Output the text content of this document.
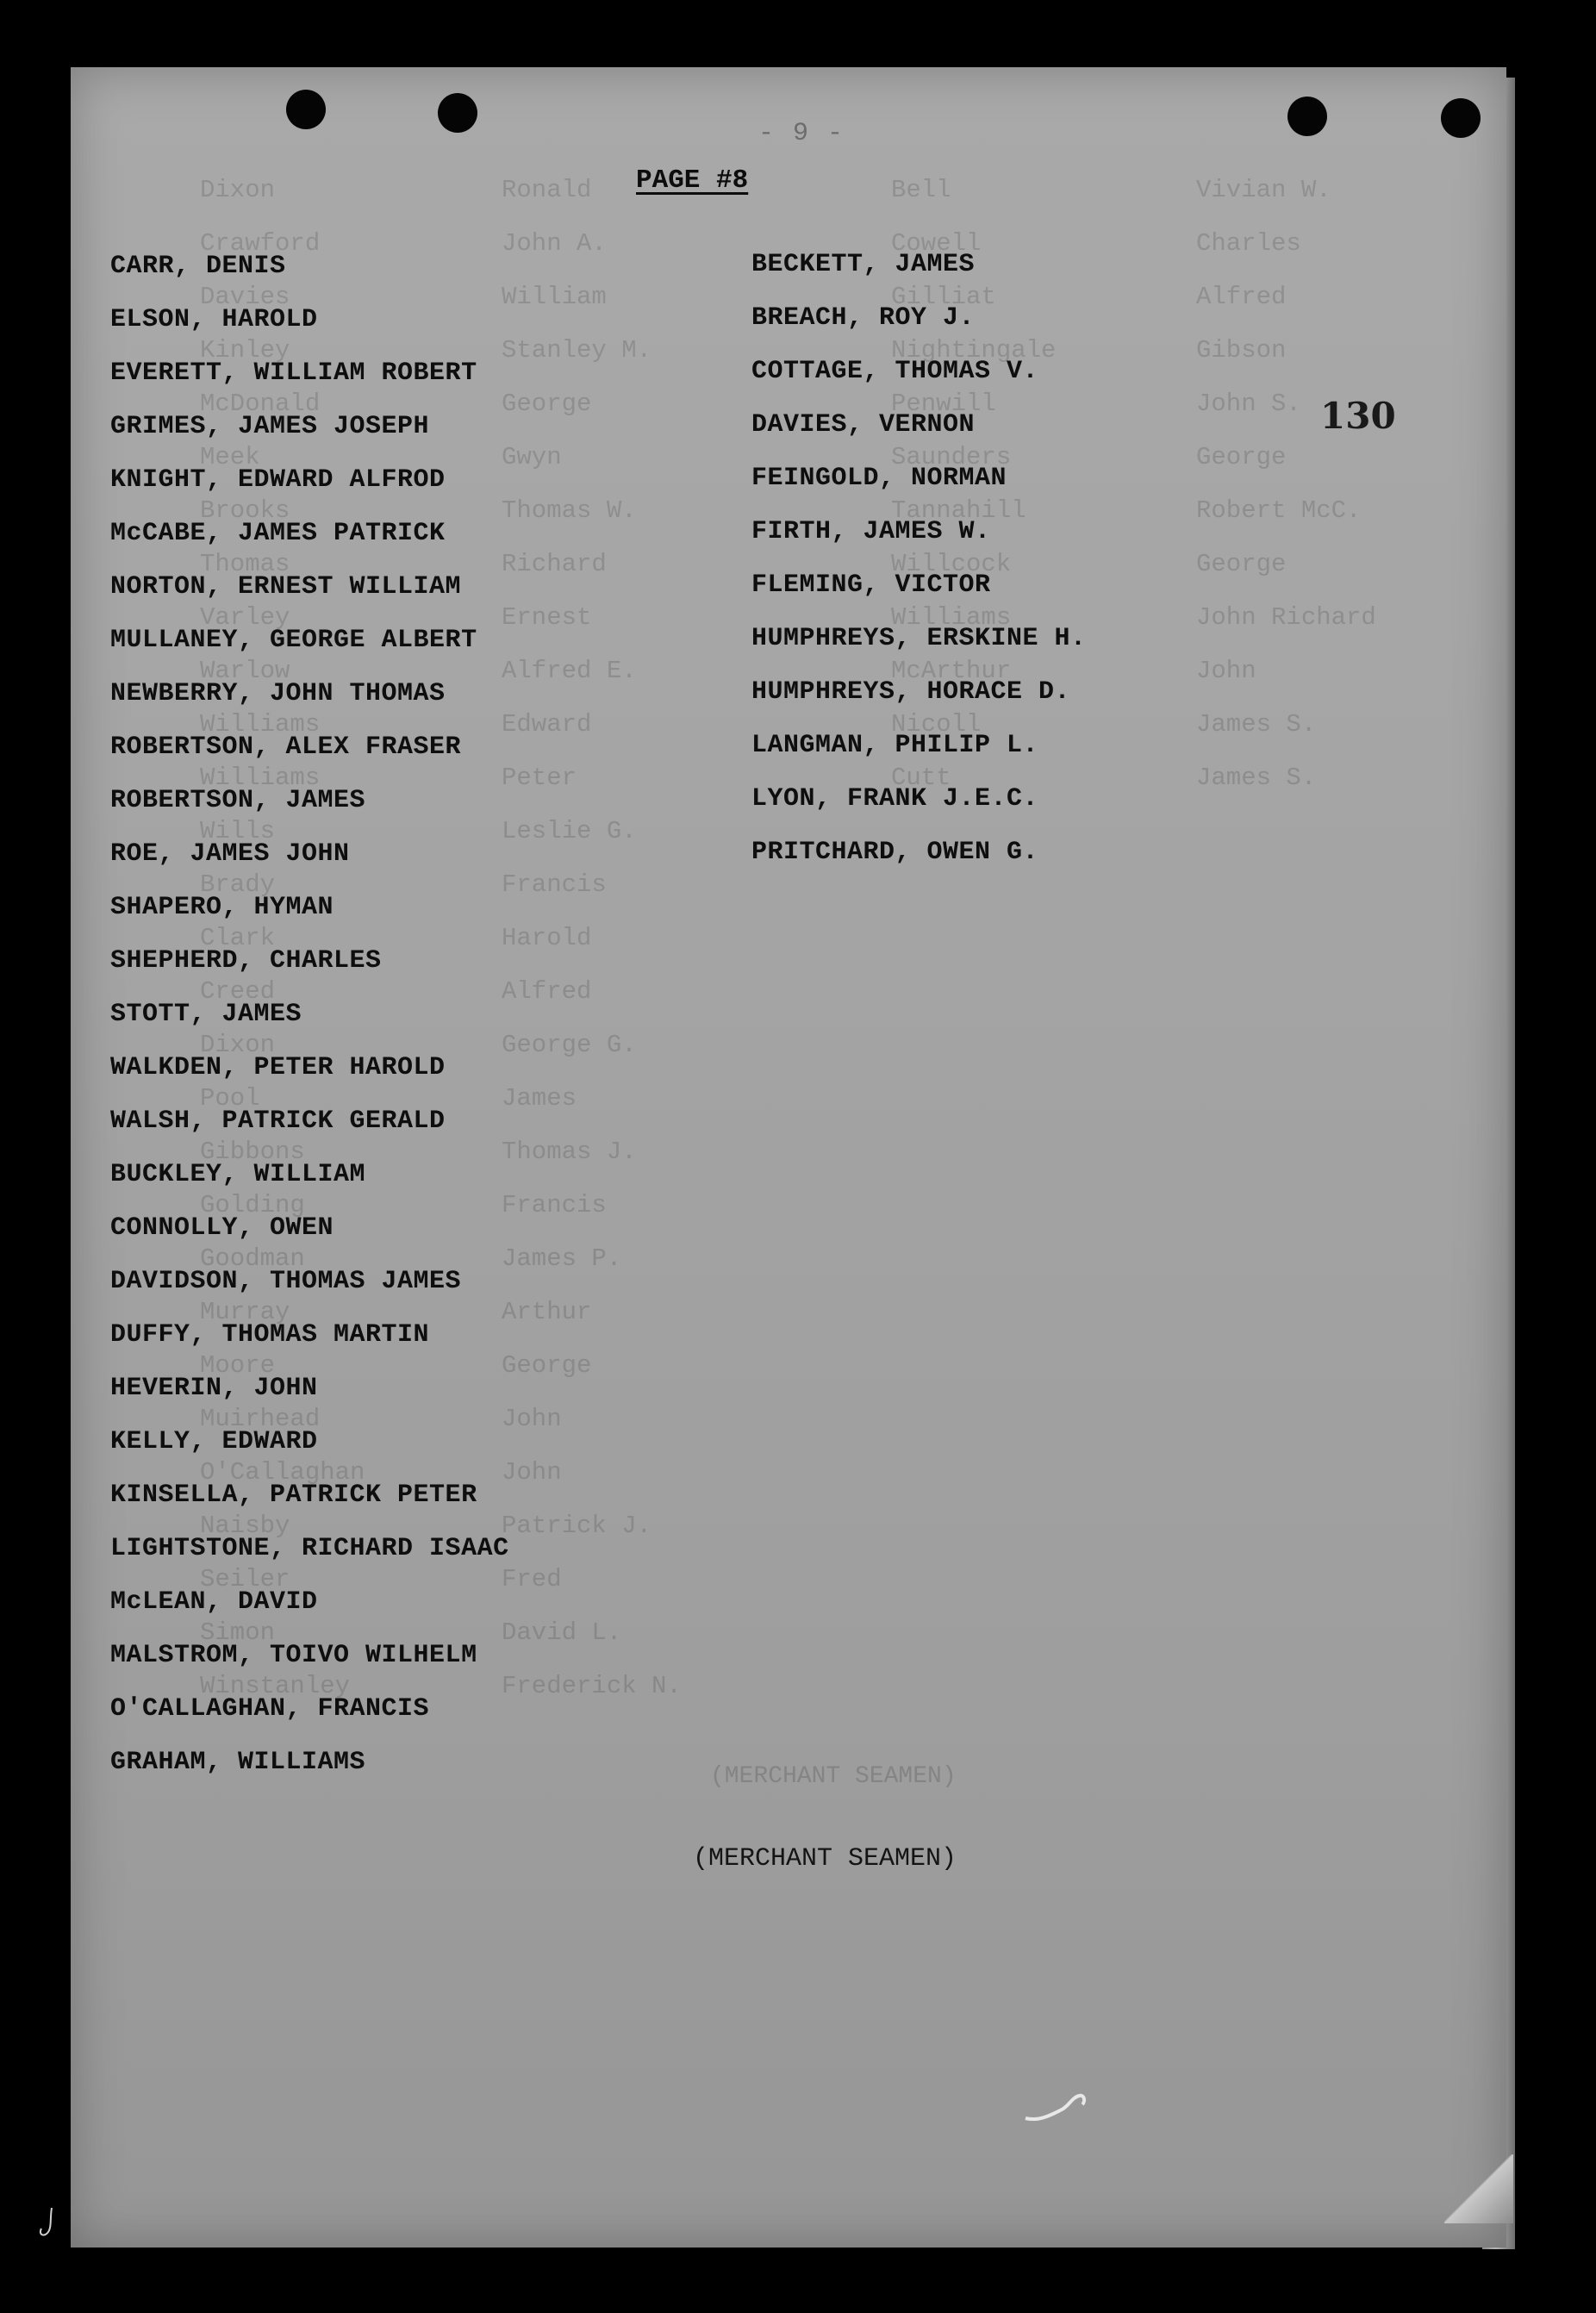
Dixon
Crawford
Davies
Kinley
McDonald
Meek
Brooks
Thomas
Varley
Warlow
Williams
Williams
Wills
Brady
Clark
Creed
Dixon
Pool
Gibbons
Golding
Goodman
Murray
Moore
Muirhead
O'Callaghan
Naisby
Seiler
Simon
Winstanley
Ronald
John A.
William
Stanley M.
George
Gwyn
Thomas W.
Richard
Ernest
Alfred E.
Edward
Peter
Leslie G.
Francis
Harold
Alfred
George G.
James
Thomas J.
Francis
James P.
Arthur
George
John
John
Patrick J.
Fred
David L.
Frederick N.
Bell
Cowell
Gilliat
Nightingale
Penwill
Saunders
Tannahill
Willcock
Williams
McArthur
Nicoll
Cutt
Vivian W.
Charles
Alfred
Gibson
John S.
George
Robert McC.
George
John Richard
John
James S.
James S.
(MERCHANT SEAMEN)
- 9 -
PAGE #8
130
CARR, DENIS
ELSON, HAROLD
EVERETT, WILLIAM ROBERT
GRIMES, JAMES JOSEPH
KNIGHT, EDWARD ALFROD
McCABE, JAMES PATRICK
NORTON, ERNEST WILLIAM
MULLANEY, GEORGE ALBERT
NEWBERRY, JOHN THOMAS
ROBERTSON, ALEX FRASER
ROBERTSON, JAMES
ROE, JAMES JOHN
SHAPERO, HYMAN
SHEPHERD, CHARLES
STOTT, JAMES
WALKDEN, PETER HAROLD
WALSH, PATRICK GERALD
BUCKLEY, WILLIAM
CONNOLLY, OWEN
DAVIDSON, THOMAS JAMES
DUFFY, THOMAS MARTIN
HEVERIN, JOHN
KELLY, EDWARD
KINSELLA, PATRICK PETER
LIGHTSTONE, RICHARD ISAAC
McLEAN, DAVID
MALSTROM, TOIVO WILHELM
O'CALLAGHAN, FRANCIS
GRAHAM, WILLIAMS
BECKETT, JAMES
BREACH, ROY J.
COTTAGE, THOMAS V.
DAVIES, VERNON
FEINGOLD, NORMAN
FIRTH, JAMES W.
FLEMING, VICTOR
HUMPHREYS, ERSKINE H.
HUMPHREYS, HORACE D.
LANGMAN, PHILIP L.
LYON, FRANK J.E.C.
PRITCHARD, OWEN G.
(MERCHANT SEAMEN)
